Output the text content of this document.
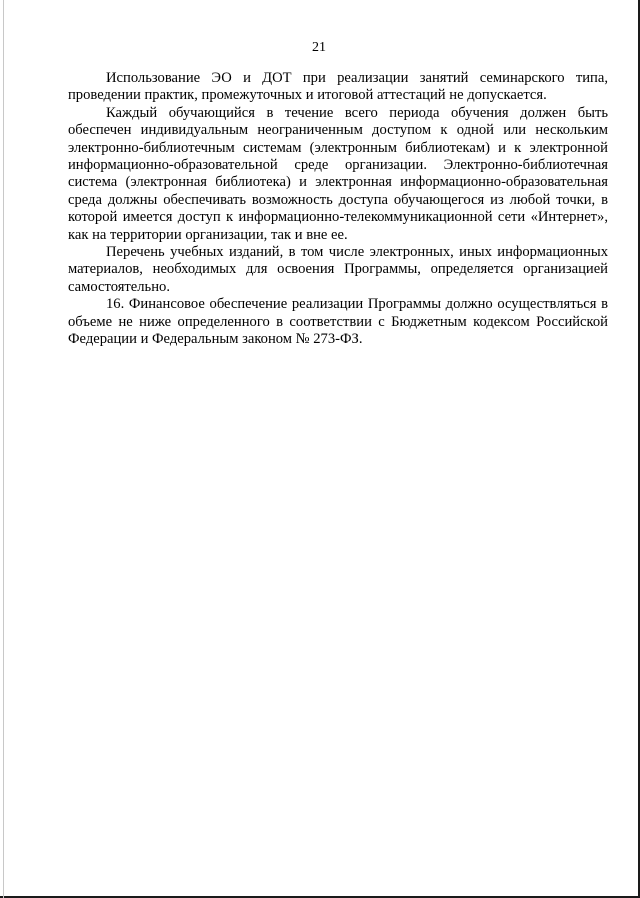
21

Использование ЭО и ДОТ при реализации занятий семинарского типа, проведении практик, промежуточных и итоговой аттестаций не допускается.

Каждый обучающийся в течение всего периода обучения должен быть обеспечен индивидуальным неограниченным доступом к одной или нескольким электронно-библиотечным системам (электронным библиотекам) и к электронной информационно-образовательной среде организации. Электронно-библиотечная система (электронная библиотека) и электронная информационно-образовательная среда должны обеспечивать возможность доступа обучающегося из любой точки, в которой имеется доступ к информационно-телекоммуникационной сети «Интернет», как на территории организации, так и вне ее.

Перечень учебных изданий, в том числе электронных, иных информационных материалов, необходимых для освоения Программы, определяется организацией самостоятельно.

16. Финансовое обеспечение реализации Программы должно осуществляться в объеме не ниже определенного в соответствии с Бюджетным кодексом Российской Федерации и Федеральным законом № 273-ФЗ.
